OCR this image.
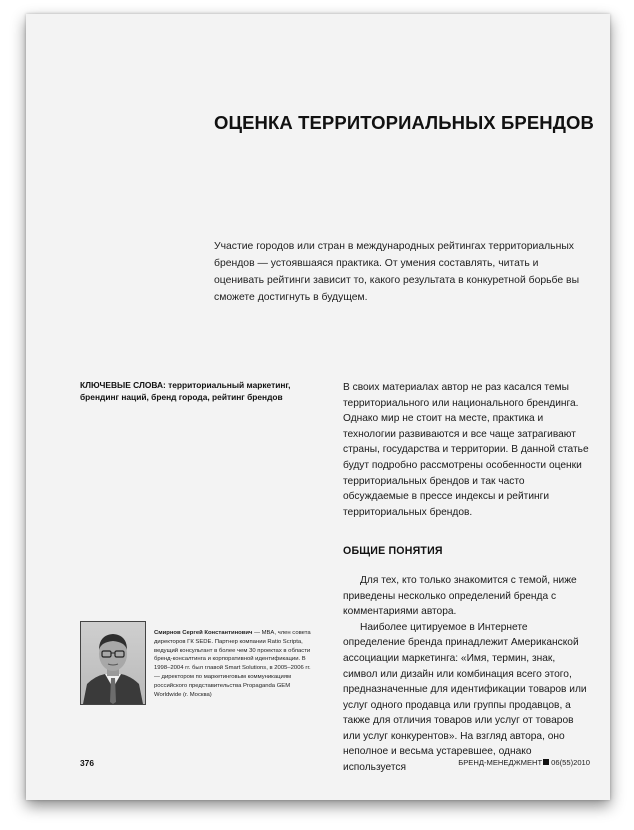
ОЦЕНКА ТЕРРИТОРИАЛЬНЫХ БРЕНДОВ

Участие городов или стран в международных рейтингах территориальных брендов — устоявшаяся практика. От умения составлять, читать и оценивать рейтинги зависит то, какого результата в конкуретной борьбе вы сможете достигнуть в будущем.

КЛЮЧЕВЫЕ СЛОВА: территориальный маркетинг, брендинг наций, бренд города, рейтинг брендов

В своих материалах автор не раз касался темы территориального или национального брендинга. Однако мир не стоит на месте, практика и технологии развиваются и все чаще затрагивают страны, государства и территории. В данной статье будут подробно рассмотрены особенности оценки территориальных брендов и так часто обсуждаемые в прессе индексы и рейтинги территориальных брендов.

ОБЩИЕ ПОНЯТИЯ

Для тех, кто только знакомится с темой, ниже приведены несколько определений бренда с комментариями автора.

Наиболее цитируемое в Интернете определение бренда принадлежит Американской ассоциации маркетинга: «Имя, термин, знак, символ или дизайн или комбинация всего этого, предназначенные для идентификации товаров или услуг одного продавца или группы продавцов, а также для отличия товаров или услуг от товаров или услуг конкурентов». На взгляд автора, оно неполное и весьма устаревшее, однако используется

Смирнов Сергей Константинович — MBA, член совета директоров ГК SEDE. Партнер компании Ratio Scripta, ведущий консультант в более чем 30 проектах в области бренд-консалтинга и корпоративной идентификации. В 1998–2004 гг. был главой Smart Solutions, в 2005–2006 гг. — директором по маркетинговым коммуникациям российского представительства Propaganda GEM Worldwide (г. Москва)
376	БРЕНД-МЕНЕДЖМЕНТ 06(55)2010
